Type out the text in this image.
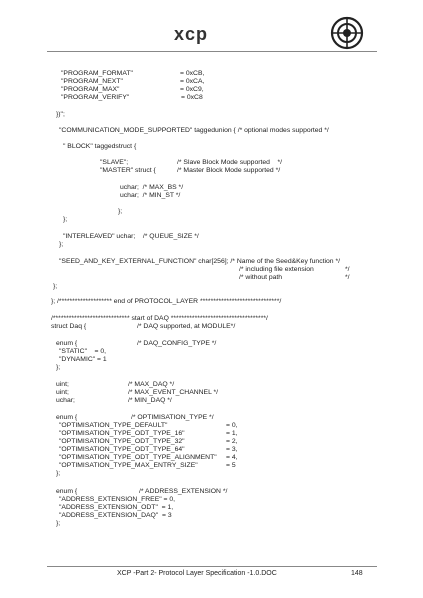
xcp
"PROGRAM_FORMAT"	= 0xCB,
"PROGRAM_NEXT"	= 0xCA,
"PROGRAM_MAX"	= 0xC9,
"PROGRAM_VERIFY"	= 0xC8
})";
"COMMUNICATION_MODE_SUPPORTED" taggedunion { /* optional modes supported */
" BLOCK" taggedstruct {
"SLAVE";	/* Slave Block Mode supported    */
"MASTER" struct {	/* Master Block Mode supported */
uchar;  /* MAX_BS */
uchar;  /* MIN_ST */
};
};
"INTERLEAVED" uchar;    /* QUEUE_SIZE */
};
"SEED_AND_KEY_EXTERNAL_FUNCTION" char[256]; /* Name of the Seed&Key function */
/* including file extension	*/
/* without path	*/
};
}; /******************** end of PROTOCOL_LAYER ******************************/
/***************************** start of DAQ ************************************/
struct Daq {	/* DAQ supported, at MODULE*/
enum {	/* DAQ_CONFIG_TYPE */
"STATIC"    = 0,
"DYNAMIC" = 1
};
uint;	/* MAX_DAQ */
uint;	/* MAX_EVENT_CHANNEL */
uchar;	/* MIN_DAQ */
enum {	/* OPTIMISATION_TYPE */
"OPTIMISATION_TYPE_DEFAULT"	= 0,
"OPTIMISATION_TYPE_ODT_TYPE_16"	= 1,
"OPTIMISATION_TYPE_ODT_TYPE_32"	= 2,
"OPTIMISATION_TYPE_ODT_TYPE_64"	= 3,
"OPTIMISATION_TYPE_ODT_TYPE_ALIGNMENT" = 4,
"OPTIMISATION_TYPE_MAX_ENTRY_SIZE"	= 5
};
enum {	/* ADDRESS_EXTENSION */
"ADDRESS_EXTENSION_FREE" = 0,
"ADDRESS_EXTENSION_ODT"  = 1,
"ADDRESS_EXTENSION_DAQ"  = 3
};
XCP -Part 2- Protocol Layer Specification -1.0.DOC	148
